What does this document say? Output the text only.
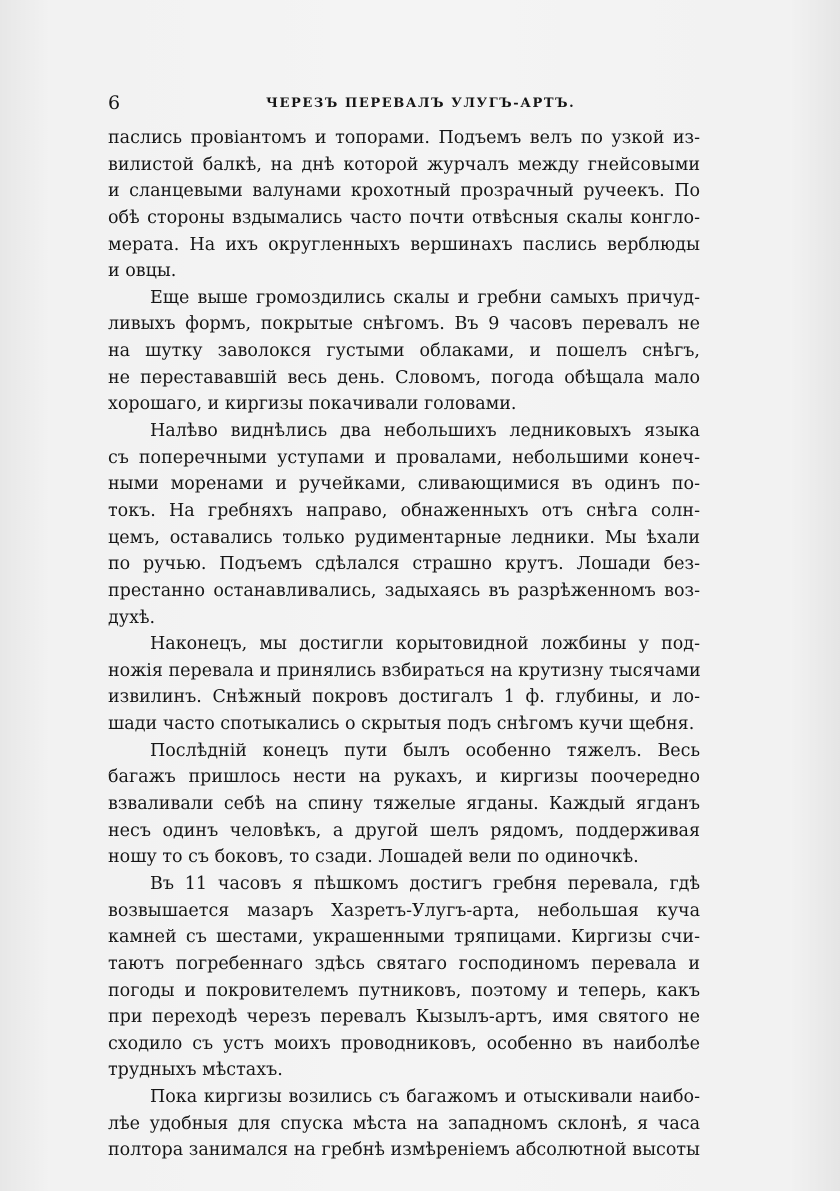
6	ЧЕРЕЗЪ ПЕРЕВАЛЪ УЛУГЪ-АРТЪ.
паслись провіантомъ и топорами. Подъемъ велъ по узкой из-
вилистой балкѣ, на днѣ которой журчалъ между гнейсовыми
и сланцевыми валунами крохотный прозрачный ручеекъ. По
обѣ стороны вздымались часто почти отвѣсныя скалы конгло-
мерата. На ихъ округленныхъ вершинахъ паслись верблюды
и овцы.
Еще выше громоздились скалы и гребни самыхъ причуд-
ливыхъ формъ, покрытые снѣгомъ. Въ 9 часовъ перевалъ не
на шутку заволокся густыми облаками, и пошелъ снѣгъ,
не перестававшій весь день. Словомъ, погода обѣщала мало
хорошаго, и киргизы покачивали головами.
Налѣво виднѣлись два небольшихъ ледниковыхъ языка
съ поперечными уступами и провалами, небольшими конеч-
ными моренами и ручейками, сливающимися въ одинъ по-
токъ. На гребняхъ направо, обнаженныхъ отъ снѣга солн-
цемъ, оставались только рудиментарные ледники. Мы ѣхали
по ручью. Подъемъ сдѣлался страшно крутъ. Лошади без-
престанно останавливались, задыхаясь въ разрѣженномъ воз-
духѣ.
Наконецъ, мы достигли корытовидной ложбины у под-
ножія перевала и принялись взбираться на крутизну тысячами
извилинъ. Снѣжный покровъ достигалъ 1 ф. глубины, и ло-
шади часто спотыкались о скрытыя подъ снѣгомъ кучи щебня.
Послѣдній конецъ пути былъ особенно тяжелъ. Весь
багажъ пришлось нести на рукахъ, и киргизы поочередно
взваливали себѣ на спину тяжелые ягданы. Каждый ягданъ
несъ одинъ человѣкъ, а другой шелъ рядомъ, поддерживая
ношу то съ боковъ, то сзади. Лошадей вели по одиночкѣ.
Въ 11 часовъ я пѣшкомъ достигъ гребня перевала, гдѣ
возвышается мазаръ Хазретъ-Улугъ-арта, небольшая куча
камней съ шестами, украшенными тряпицами. Киргизы счи-
таютъ погребеннаго здѣсь святаго господиномъ перевала и
погоды и покровителемъ путниковъ, поэтому и теперь, какъ
при переходѣ черезъ перевалъ Кызылъ-артъ, имя святого не
сходило съ устъ моихъ проводниковъ, особенно въ наиболѣе
трудныхъ мѣстахъ.
Пока киргизы возились съ багажомъ и отыскивали наибо-
лѣе удобныя для спуска мѣста на западномъ склонѣ, я часа
полтора занимался на гребнѣ измѣреніемъ абсолютной высоты
